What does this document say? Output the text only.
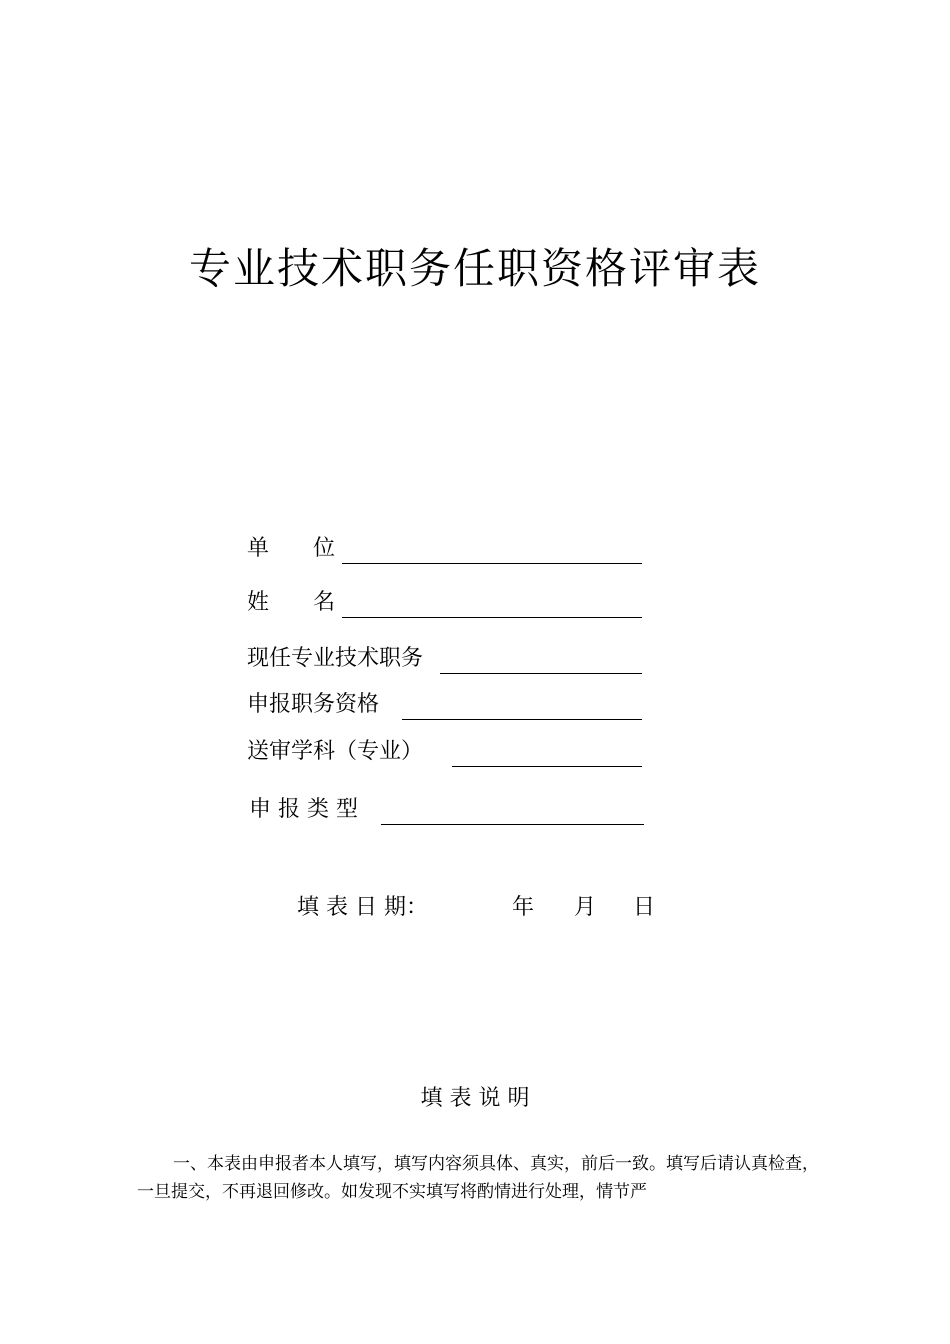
专业技术职务任职资格评审表
单　　位
姓　　名
现任专业技术职务
申报职务资格
送审学科（专业）
申 报 类 型
填 表 日 期：	年 月 日
填 表 说 明

一、本表由申报者本人填写，填写内容须具体、真实，前后一致。填写后请认真检查，一旦提交，不再退回修改。如发现不实填写将酌情进行处理，情节严
